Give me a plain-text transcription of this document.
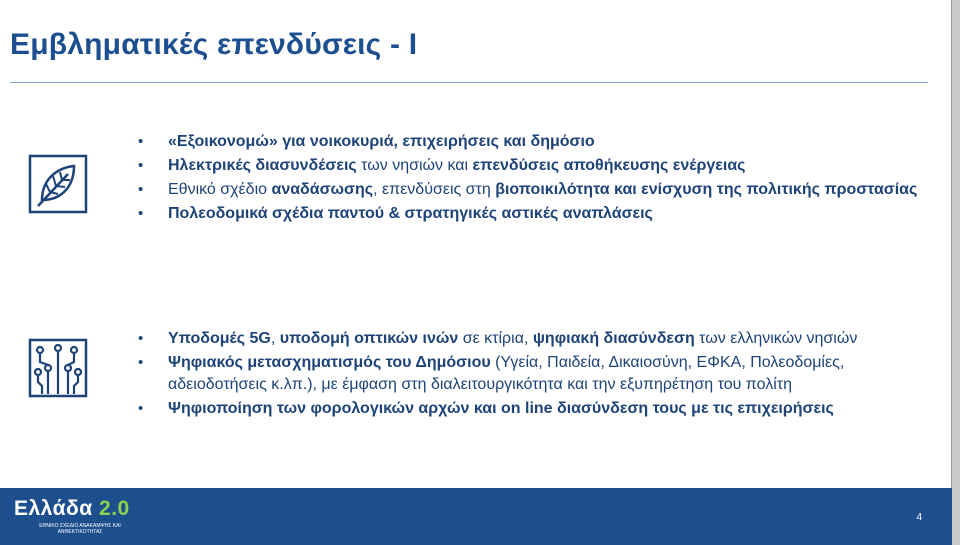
Εμβληματικές επενδύσεις - Ι
• «Εξοικονομώ» για νοικοκυριά, επιχειρήσεις και δημόσιο
• Ηλεκτρικές διασυνδέσεις των νησιών και επενδύσεις αποθήκευσης ενέργειας
• Εθνικό σχέδιο αναδάσωσης, επενδύσεις στη βιοποικιλότητα και ενίσχυση της πολιτικής προστασίας
• Πολεοδομικά σχέδια παντού & στρατηγικές αστικές αναπλάσεις
• Υποδομές 5G, υποδομή οπτικών ινών σε κτίρια, ψηφιακή διασύνδεση των ελληνικών νησιών
• Ψηφιακός μετασχηματισμός του Δημόσιου (Υγεία, Παιδεία, Δικαιοσύνη, ΕΦΚΑ, Πολεοδομίες, αδειοδοτήσεις κ.λπ.), με έμφαση στη διαλειτουργικότητα και την εξυπηρέτηση του πολίτη
• Ψηφιοποίηση των φορολογικών αρχών και on line διασύνδεση τους με τις επιχειρήσεις
Ελλάδα 2.0
ΕΘΝΙΚΟ ΣΧΕΔΙΟ ΑΝΑΚΑΜΨΗΣ ΚΑΙ ΑΝΘΕΚΤΙΚΟΤΗΤΑΣ
4
